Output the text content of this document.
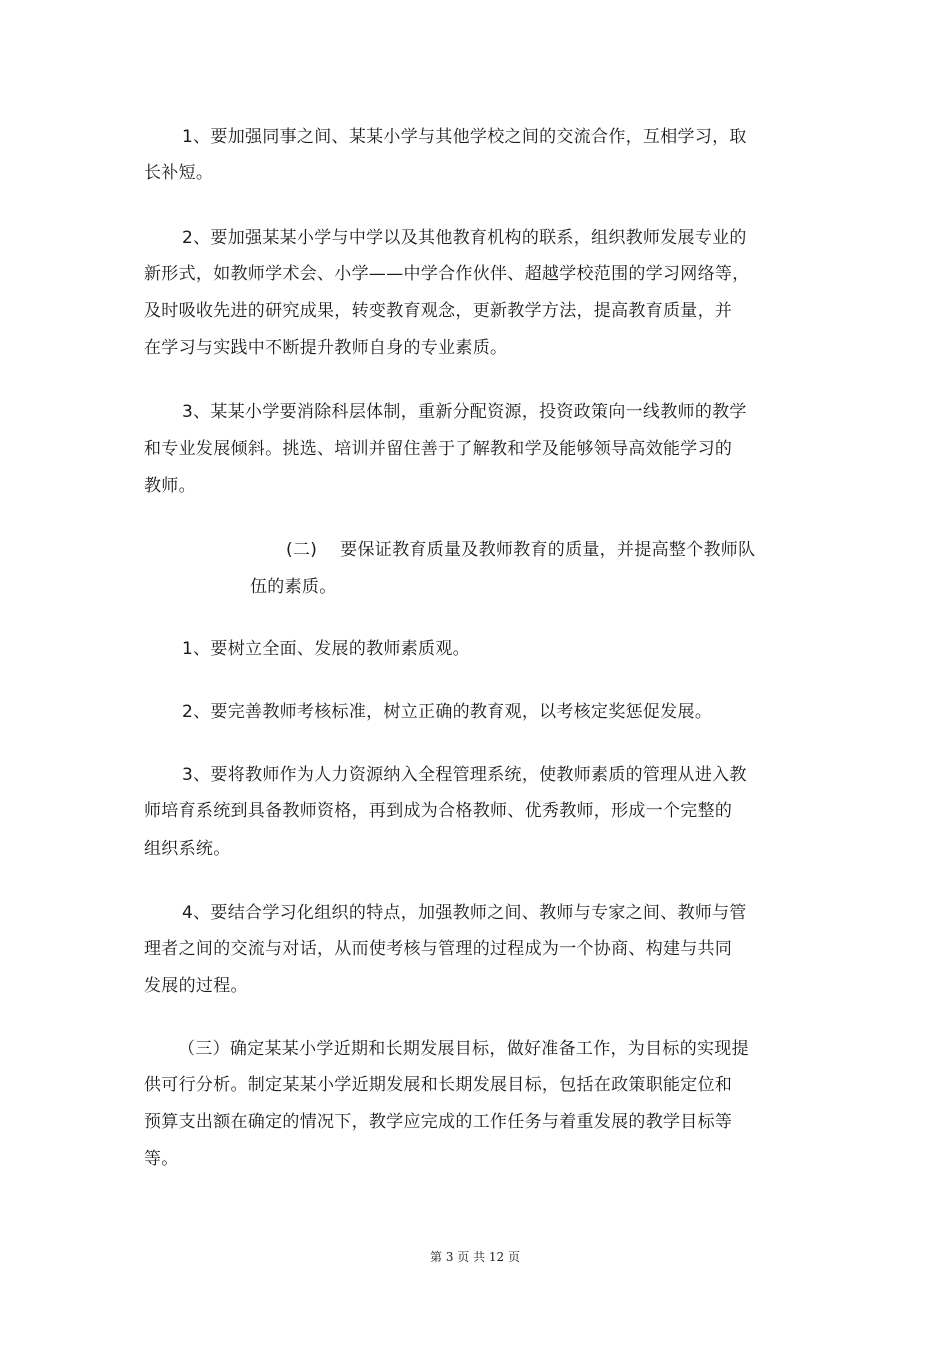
1、要加强同事之间、某某小学与其他学校之间的交流合作，互相学习，取
长补短。
2、要加强某某小学与中学以及其他教育机构的联系，组织教师发展专业的
新形式，如教师学术会、小学——中学合作伙伴、超越学校范围的学习网络等，
及时吸收先进的研究成果，转变教育观念，更新教学方法，提高教育质量，并
在学习与实践中不断提升教师自身的专业素质。
3、某某小学要消除科层体制，重新分配资源，投资政策向一线教师的教学
和专业发展倾斜。挑选、培训并留住善于了解教和学及能够领导高效能学习的
教师。
(二)　 要保证教育质量及教师教育的质量，并提高整个教师队
伍的素质。
1、要树立全面、发展的教师素质观。
2、要完善教师考核标准，树立正确的教育观，以考核定奖惩促发展。
3、要将教师作为人力资源纳入全程管理系统，使教师素质的管理从进入教
师培育系统到具备教师资格，再到成为合格教师、优秀教师，形成一个完整的
组织系统。
4、要结合学习化组织的特点，加强教师之间、教师与专家之间、教师与管
理者之间的交流与对话，从而使考核与管理的过程成为一个协商、构建与共同
发展的过程。
（三）确定某某小学近期和长期发展目标，做好准备工作，为目标的实现提
供可行分析。制定某某小学近期发展和长期发展目标，包括在政策职能定位和
预算支出额在确定的情况下，教学应完成的工作任务与着重发展的教学目标等
等。
第 3 页 共 12 页
